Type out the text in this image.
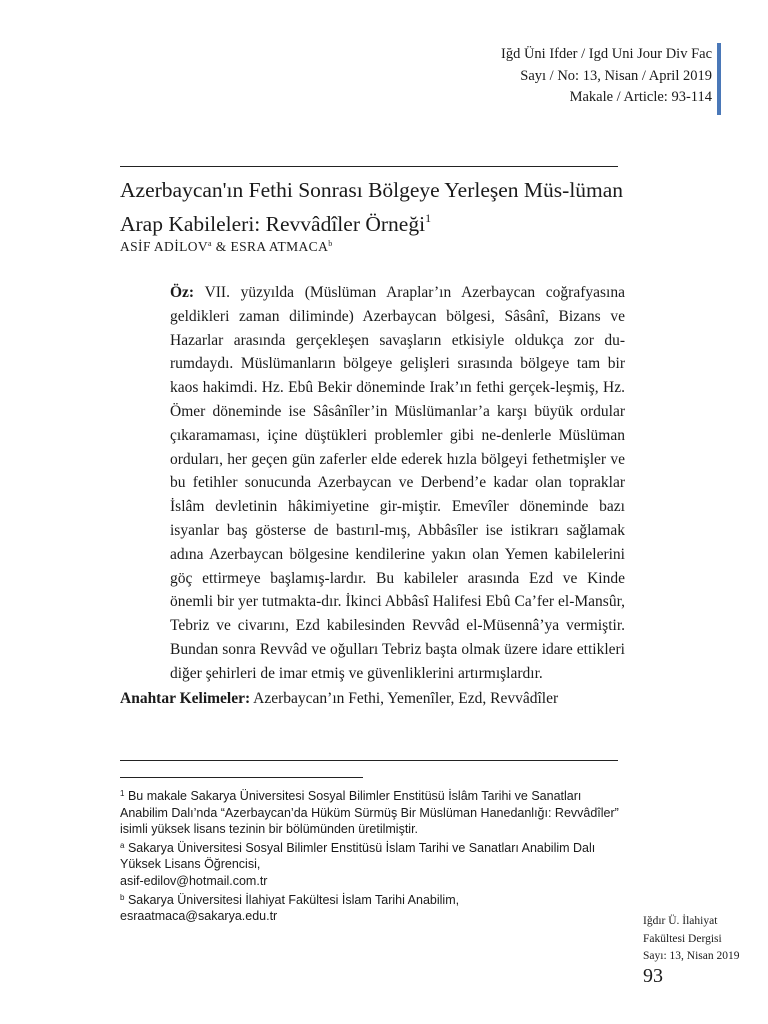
Iğd Üni Ifder / Igd Uni Jour Div Fac
Sayı / No: 13, Nisan / April 2019
Makale / Article: 93-114
Azerbaycan'ın Fethi Sonrası Bölgeye Yerleşen Müs-lüman Arap Kabileleri: Revvâdîler Örneği$^1$
ASİF ADİLOV$^a$ & ESRA ATMACA$^b$
Öz: VII. yüzyılda (Müslüman Araplar’ın Azerbaycan coğrafyasına geldikleri zaman diliminde) Azerbaycan bölgesi, Sâsânî, Bizans ve Hazarlar arasında gerçekleşen savaşların etkisiyle oldukça zor du-rumdaydı. Müslümanların bölgeye gelişleri sırasında bölgeye tam bir kaos hakimdi. Hz. Ebû Bekir döneminde Irak’ın fethi gerçek-leşmiş, Hz. Ömer döneminde ise Sâsânîler’in Müslümanlar’a karşı büyük ordular çıkaramaması, içine düştükleri problemler gibi ne-denlerle Müslüman orduları, her geçen gün zaferler elde ederek hızla bölgeyi fethetmişler ve bu fetihler sonucunda Azerbaycan ve Derbend’e kadar olan topraklar İslâm devletinin hâkimiyetine gir-miştir. Emevîler döneminde bazı isyanlar baş gösterse de bastırıl-mış, Abbâsîler ise istikrarı sağlamak adına Azerbaycan bölgesine kendilerine yakın olan Yemen kabilelerini göç ettirmeye başlamış-lardır. Bu kabileler arasında Ezd ve Kinde önemli bir yer tutmakta-dır. İkinci Abbâsî Halifesi Ebû Ca’fer el-Mansûr, Tebriz ve civarını, Ezd kabilesinden Revvâd el-Müsennâ’ya vermiştir. Bundan sonra Revvâd ve oğulları Tebriz başta olmak üzere idare ettikleri diğer şehirleri de imar etmiş ve güvenliklerini artırmışlardır.
Anahtar Kelimeler: Azerbaycan’ın Fethi, Yemenîler, Ezd, Revvâdîler

$^1$ Bu makale Sakarya Üniversitesi Sosyal Bilimler Enstitüsü İslâm Tarihi ve Sanatları Anabilim Dalı’nda “Azerbaycan’da Hüküm Sürmüş Bir Müslüman Hanedanlığı: Revvâdîler” isimli yüksek lisans tezinin bir bölümünden üretilmiştir.

$^a$ Sakarya Üniversitesi Sosyal Bilimler Enstitüsü İslam Tarihi ve Sanatları Anabilim Dalı Yüksek Lisans Öğrencisi,
asif-edilov@hotmail.com.tr

$^b$ Sakarya Üniversitesi İlahiyat Fakültesi İslam Tarihi Anabilim,
esraatmaca@sakarya.edu.tr	Iğdır Ü. İlahiyat
Fakültesi Dergisi
Sayı: 13, Nisan 2019
93
